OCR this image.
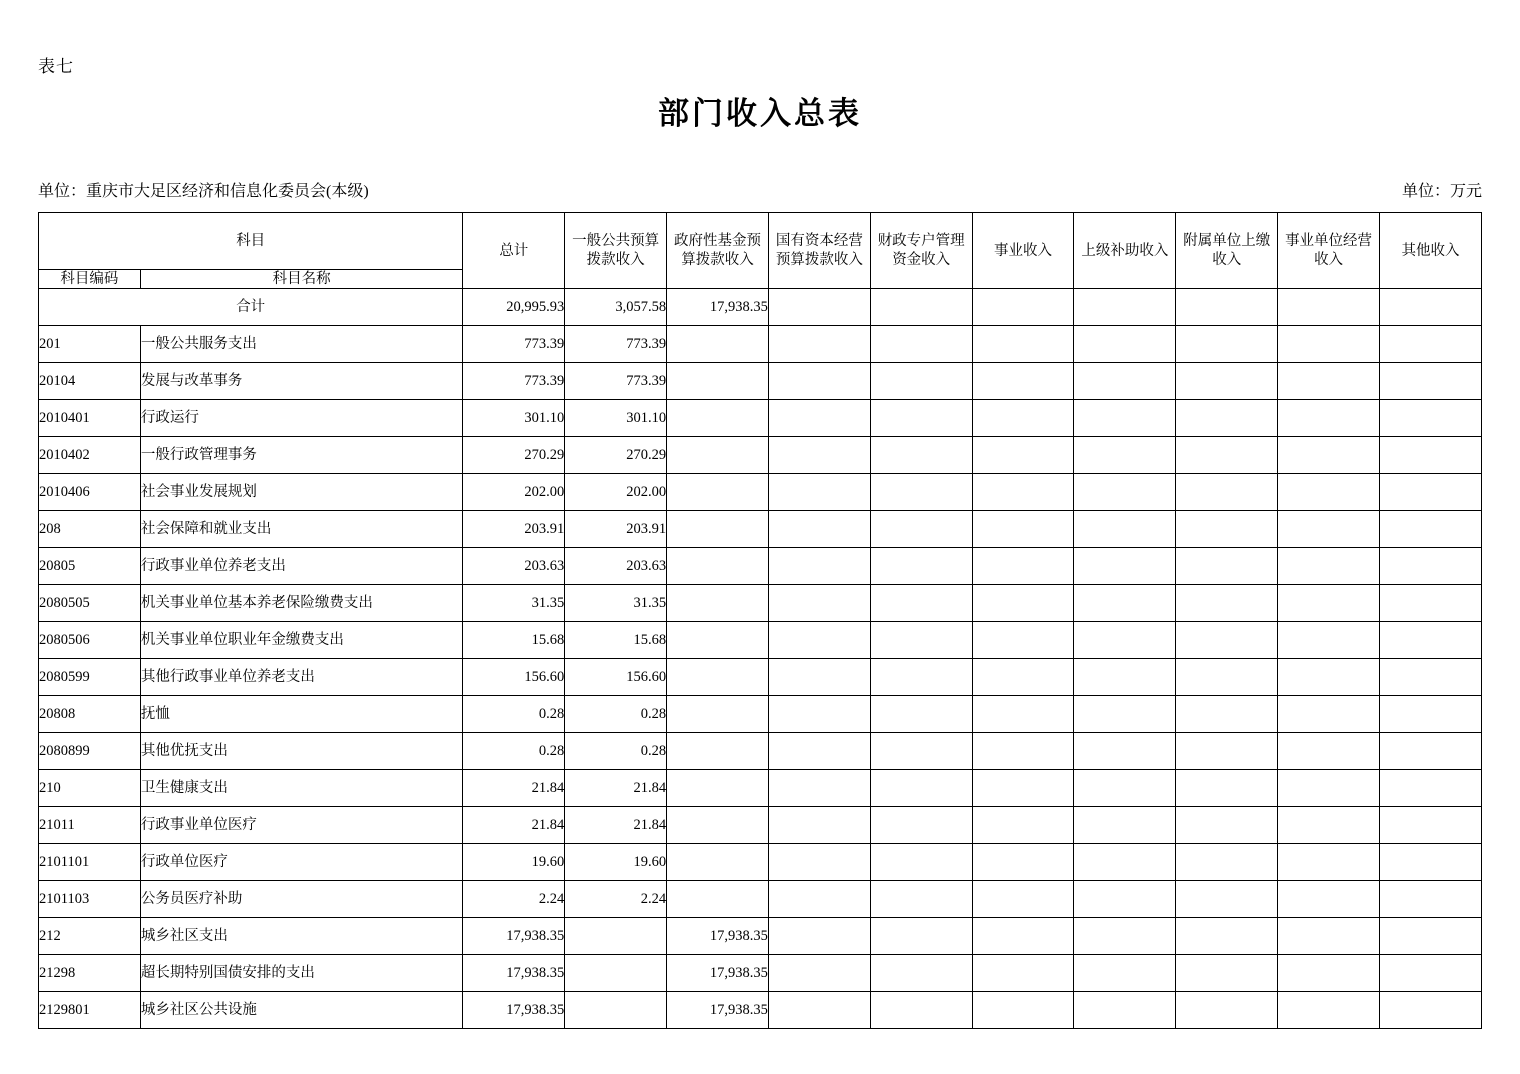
表七
部门收入总表
单位：重庆市大足区经济和信息化委员会(本级)	单位：万元
科目		总计	一般公共预算拨款收入	政府性基金预算拨款收入	国有资本经营预算拨款收入	财政专户管理资金收入	事业收入	上级补助收入	附属单位上缴收入	事业单位经营收入	其他收入
科目编码	科目名称										
合计		20,995.93	3,057.58	17,938.35							
201	一般公共服务支出	773.39	773.39								
20104	发展与改革事务	773.39	773.39								
2010401	行政运行	301.10	301.10								
2010402	一般行政管理事务	270.29	270.29								
2010406	社会事业发展规划	202.00	202.00								
208	社会保障和就业支出	203.91	203.91								
20805	行政事业单位养老支出	203.63	203.63								
2080505	机关事业单位基本养老保险缴费支出	31.35	31.35								
2080506	机关事业单位职业年金缴费支出	15.68	15.68								
2080599	其他行政事业单位养老支出	156.60	156.60								
20808	抚恤	0.28	0.28								
2080899	其他优抚支出	0.28	0.28								
210	卫生健康支出	21.84	21.84								
21011	行政事业单位医疗	21.84	21.84								
2101101	行政单位医疗	19.60	19.60								
2101103	公务员医疗补助	2.24	2.24								
212	城乡社区支出	17,938.35		17,938.35							
21298	超长期特别国债安排的支出	17,938.35		17,938.35							
2129801	城乡社区公共设施	17,938.35		17,938.35							
